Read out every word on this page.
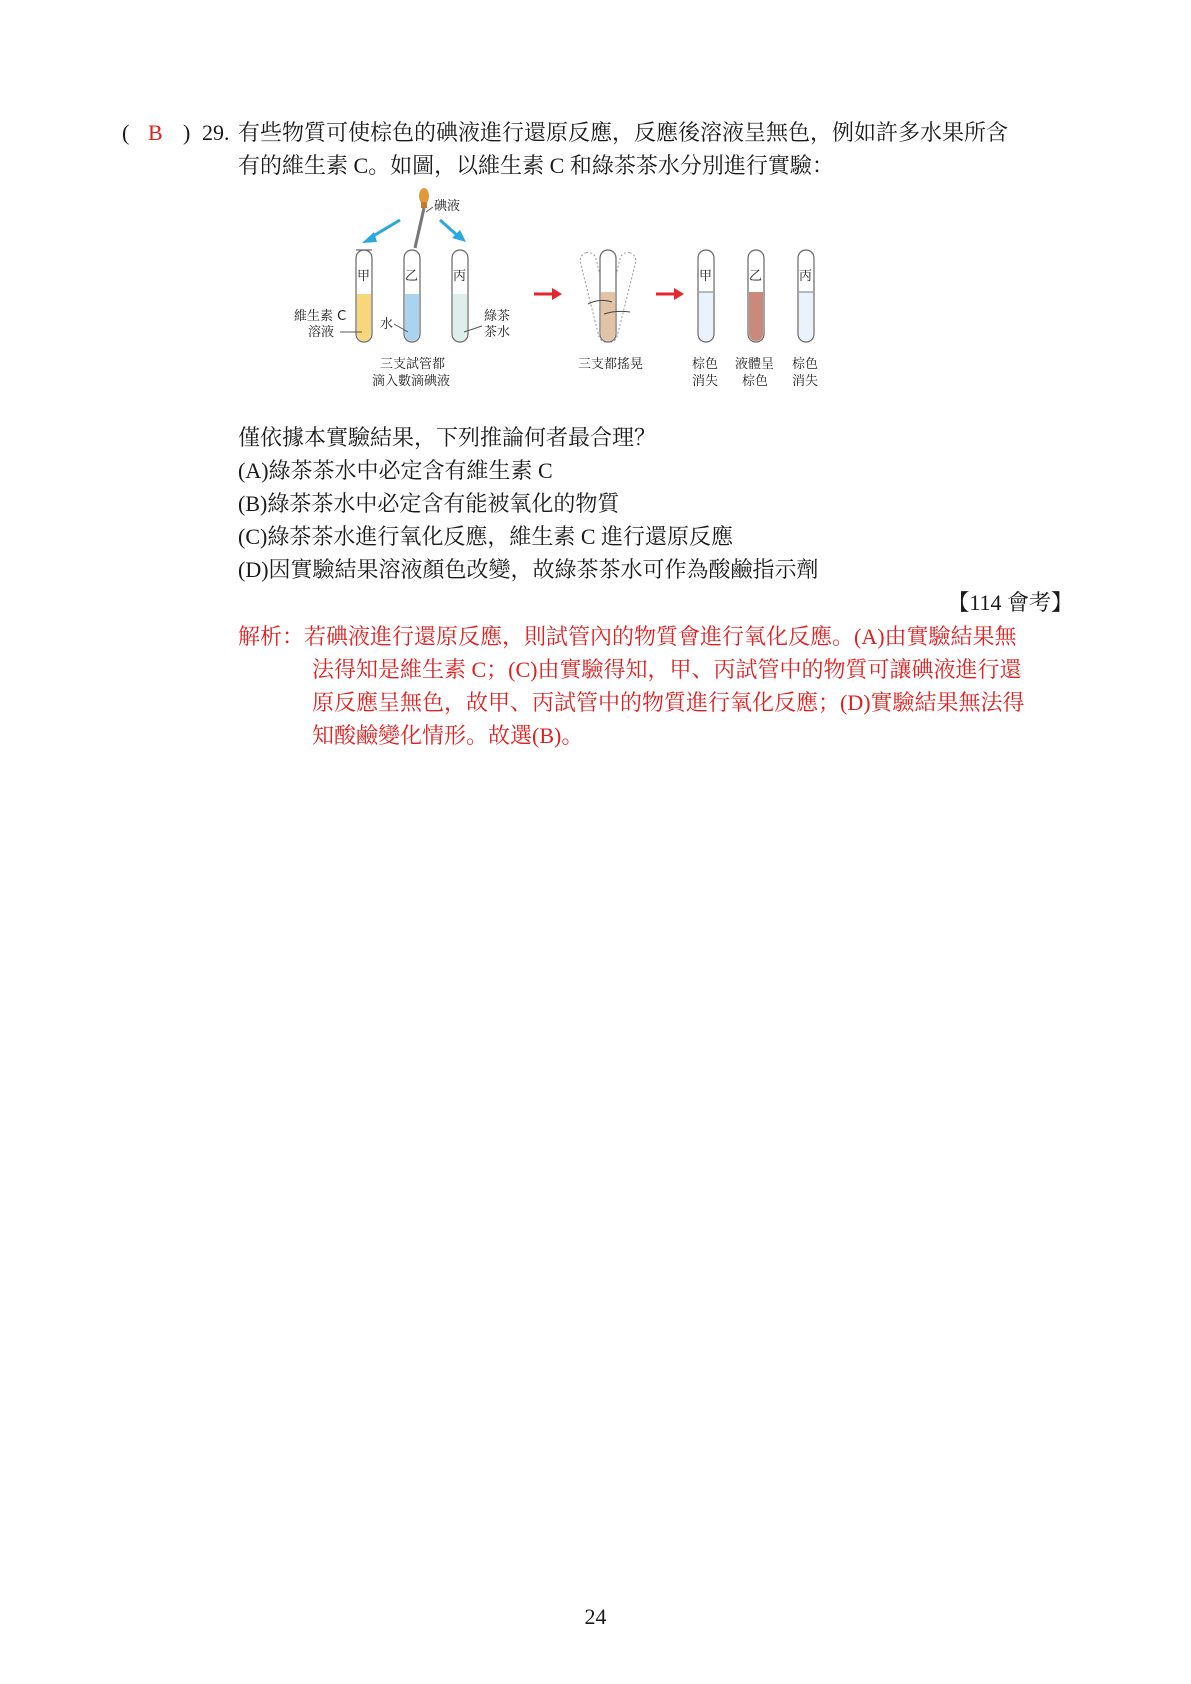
( B ) 29. 有些物質可使棕色的碘液進行還原反應，反應後溶液呈無色，例如許多水果所含
有的維生素 C。如圖，以維生素 C 和綠茶茶水分別進行實驗：
碘液
甲	乙	丙
維生素 C
溶液
水
綠茶
茶水
三支試管都
滴入數滴碘液
三支都搖晃
甲	乙	丙
棕色
消失
液體呈
棕色
棕色
消失
僅依據本實驗結果，下列推論何者最合理？
(A)綠茶茶水中必定含有維生素 C
(B)綠茶茶水中必定含有能被氧化的物質
(C)綠茶茶水進行氧化反應，維生素 C 進行還原反應
(D)因實驗結果溶液顏色改變，故綠茶茶水可作為酸鹼指示劑
【114 會考】
解析：若碘液進行還原反應，則試管內的物質會進行氧化反應。(A)由實驗結果無
法得知是維生素 C；(C)由實驗得知，甲、丙試管中的物質可讓碘液進行還
原反應呈無色，故甲、丙試管中的物質進行氧化反應；(D)實驗結果無法得
知酸鹼變化情形。故選(B)。
24
